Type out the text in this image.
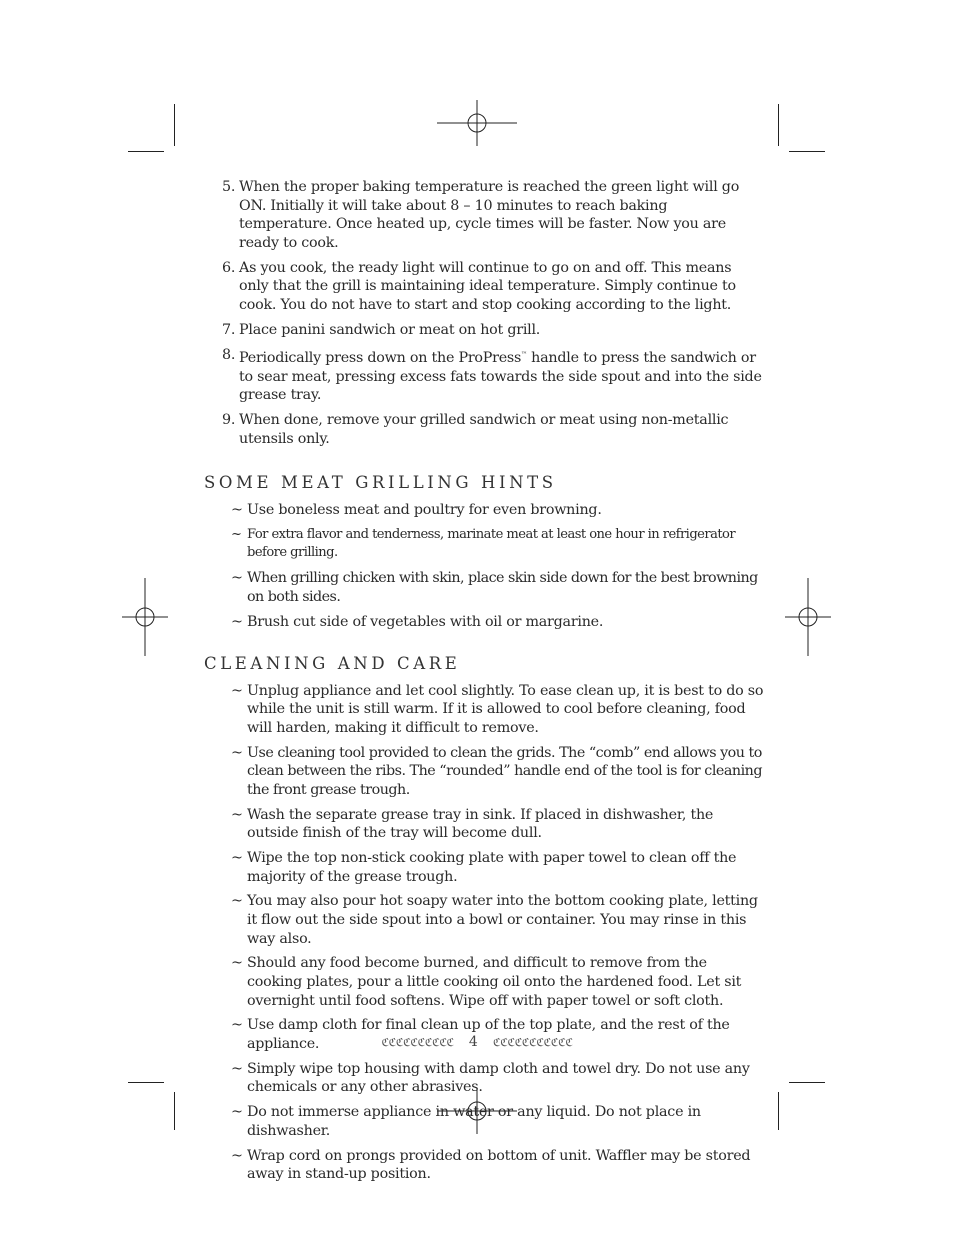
5. When the proper baking temperature is reached the green light will go ON. Initially it will take about 8 – 10 minutes to reach baking temperature. Once heated up, cycle times will be faster. Now you are ready to cook.
6. As you cook, the ready light will continue to go on and off. This means only that the grill is maintaining ideal temperature. Simply continue to cook. You do not have to start and stop cooking according to the light.
7. Place panini sandwich or meat on hot grill.
8. Periodically press down on the ProPress™ handle to press the sandwich or to sear meat, pressing excess fats towards the side spout and into the side grease tray.
9. When done, remove your grilled sandwich or meat using non-metallic utensils only.
SOME MEAT GRILLING HINTS
~ Use boneless meat and poultry for even browning.
~ For extra flavor and tenderness, marinate meat at least one hour in refrigerator before grilling.
~ When grilling chicken with skin, place skin side down for the best browning on both sides.
~ Brush cut side of vegetables with oil or margarine.
CLEANING AND CARE
~ Unplug appliance and let cool slightly. To ease clean up, it is best to do so while the unit is still warm. If it is allowed to cool before cleaning, food will harden, making it difficult to remove.
~ Use cleaning tool provided to clean the grids. The “comb” end allows you to clean between the ribs. The “rounded” handle end of the tool is for cleaning the front grease trough.
~ Wash the separate grease tray in sink. If placed in dishwasher, the outside finish of the tray will become dull.
~ Wipe the top non-stick cooking plate with paper towel to clean off the majority of the grease trough.
~ You may also pour hot soapy water into the bottom cooking plate, letting it flow out the side spout into a bowl or container. You may rinse in this way also.
~ Should any food become burned, and difficult to remove from the cooking plates, pour a little cooking oil onto the hardened food. Let sit overnight until food softens. Wipe off with paper towel or soft cloth.
~ Use damp cloth for final clean up of the top plate, and the rest of the appliance.
~ Simply wipe top housing with damp cloth and towel dry. Do not use any chemicals or any other abrasives.
~ Do not immerse appliance in water or any liquid. Do not place in dishwasher.
~ Wrap cord on prongs provided on bottom of unit. Waffler may be stored away in stand-up position.
ℭℭℭℭℭℭℭℭℭℭ 4 ℭℭℭℭℭℭℭℭℭℭℭ
